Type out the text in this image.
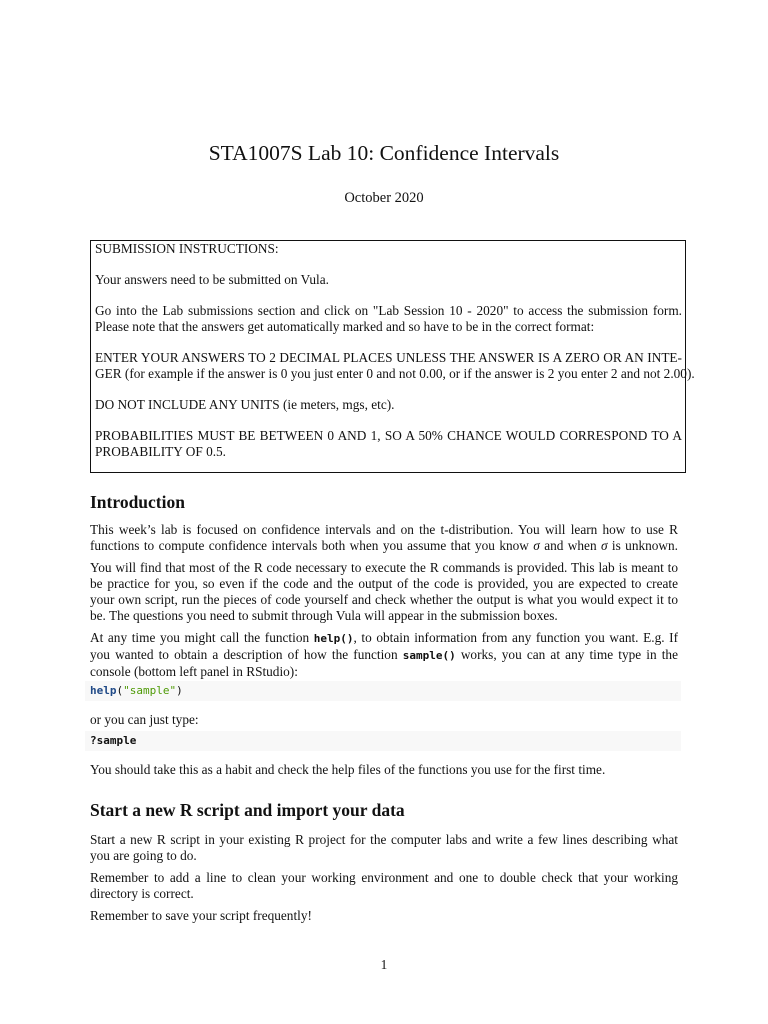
STA1007S Lab 10: Confidence Intervals
October 2020

SUBMISSION INSTRUCTIONS:

Your answers need to be submitted on Vula.

Go into the Lab submissions section and click on "Lab Session 10 - 2020" to access the submission form.

Please note that the answers get automatically marked and so have to be in the correct format:

ENTER YOUR ANSWERS TO 2 DECIMAL PLACES UNLESS THE ANSWER IS A ZERO OR AN INTE-

GER (for example if the answer is 0 you just enter 0 and not 0.00, or if the answer is 2 you enter 2 and not 2.00).

DO NOT INCLUDE ANY UNITS (ie meters, mgs, etc).

PROBABILITIES MUST BE BETWEEN 0 AND 1, SO A 50% CHANCE WOULD CORRESPOND TO A

PROBABILITY OF 0.5.

Introduction
This week’s lab is focused on confidence intervals and on the t-distribution. You will learn how to use R
functions to compute confidence intervals both when you assume that you know σ and when σ is unknown.
You will find that most of the R code necessary to execute the R commands is provided. This lab is meant to
be practice for you, so even if the code and the output of the code is provided, you are expected to create
your own script, run the pieces of code yourself and check whether the output is what you would expect it to
be. The questions you need to submit through Vula will appear in the submission boxes.
At any time you might call the function help(), to obtain information from any function you want. E.g. If
you wanted to obtain a description of how the function sample() works, you can at any time type in the
console (bottom left panel in RStudio):
help("sample")
or you can just type:
?sample
You should take this as a habit and check the help files of the functions you use for the first time.
Start a new R script and import your data
Start a new R script in your existing R project for the computer labs and write a few lines describing what
you are going to do.
Remember to add a line to clean your working environment and one to double check that your working
directory is correct.
Remember to save your script frequently!
1
